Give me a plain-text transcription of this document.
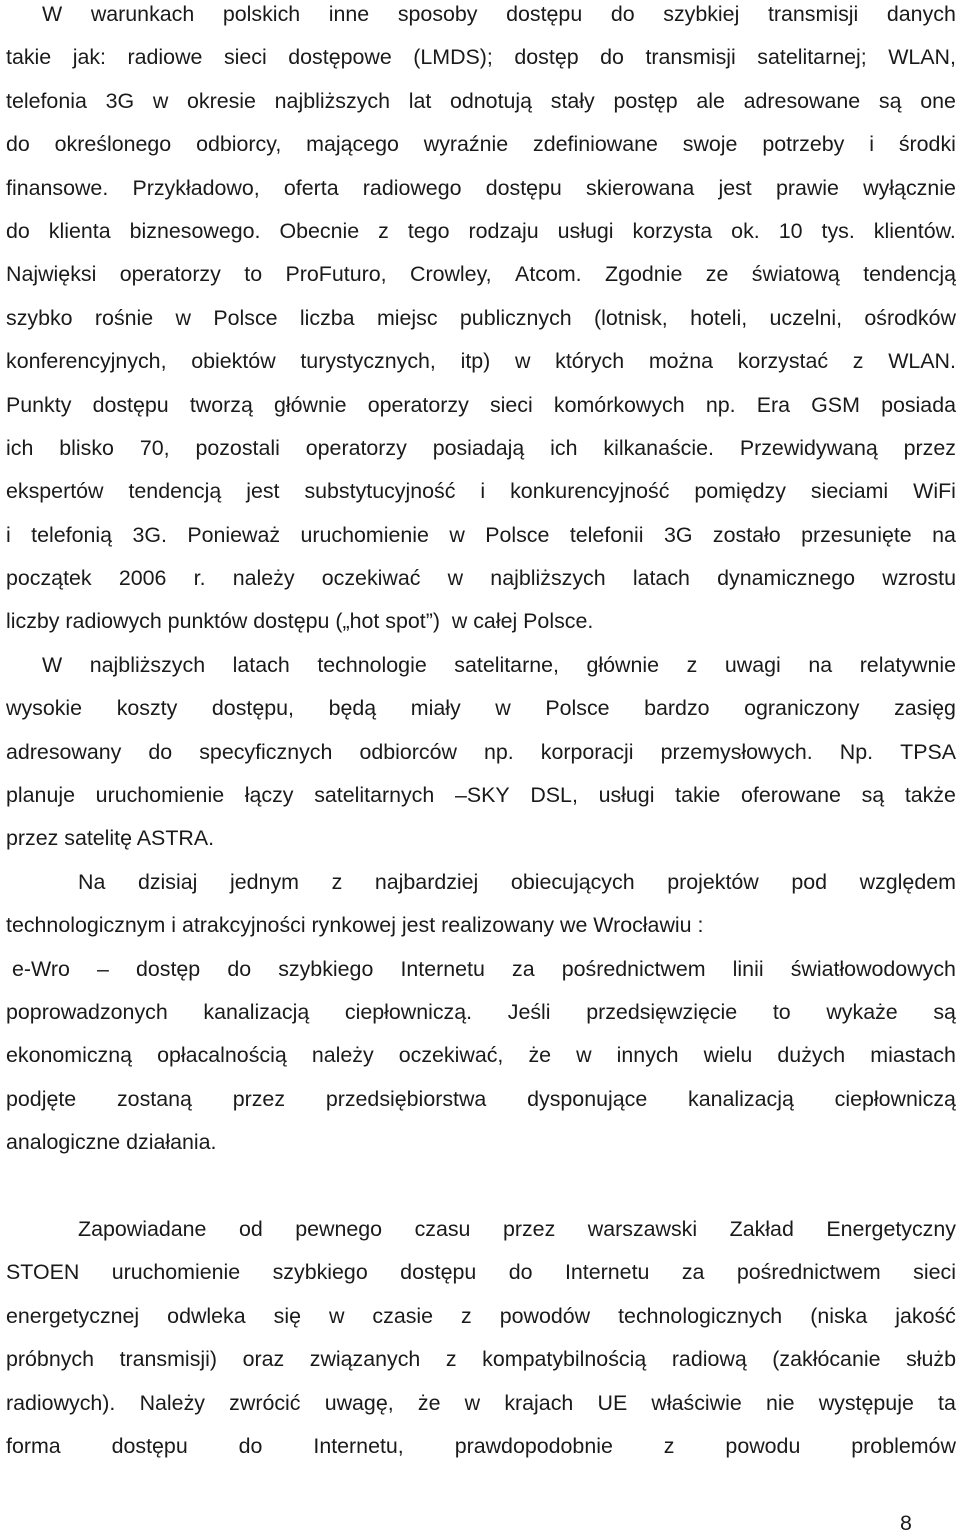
W warunkach polskich inne sposoby dostępu do szybkiej transmisji danych
takie jak: radiowe sieci dostępowe (LMDS); dostęp do transmisji satelitarnej; WLAN,
telefonia 3G w okresie najbliższych lat odnotują stały postęp ale adresowane są one
do określonego odbiorcy, mającego wyraźnie zdefiniowane swoje potrzeby i środki
finansowe. Przykładowo, oferta radiowego dostępu skierowana jest prawie wyłącznie
do klienta biznesowego. Obecnie z tego rodzaju usługi korzysta ok. 10 tys. klientów.
Najwięksi operatorzy to ProFuturo, Crowley, Atcom. Zgodnie ze światową tendencją
szybko rośnie w Polsce liczba miejsc publicznych (lotnisk, hoteli, uczelni, ośrodków
konferencyjnych, obiektów turystycznych, itp) w których można korzystać z WLAN.
Punkty dostępu tworzą głównie operatorzy sieci komórkowych np. Era GSM posiada
ich blisko 70, pozostali operatorzy posiadają ich kilkanaście. Przewidywaną przez
ekspertów tendencją jest substytucyjność i konkurencyjność pomiędzy sieciami WiFi
i telefonią 3G. Ponieważ uruchomienie w Polsce telefonii 3G zostało przesunięte na
początek 2006 r. należy oczekiwać w najbliższych latach dynamicznego wzrostu
liczby radiowych punktów dostępu („hot spot”)  w całej Polsce.
W najbliższych latach technologie satelitarne, głównie z uwagi na relatywnie
wysokie koszty dostępu, będą miały w Polsce bardzo ograniczony zasięg
adresowany do specyficznych odbiorców np. korporacji przemysłowych. Np. TPSA
planuje uruchomienie łączy satelitarnych –SKY DSL, usługi takie oferowane są także
przez satelitę ASTRA.
Na dzisiaj jednym z najbardziej obiecujących projektów pod względem
technologicznym i atrakcyjności rynkowej jest realizowany we Wrocławiu :
e-Wro – dostęp do szybkiego Internetu za pośrednictwem linii światłowodowych
poprowadzonych kanalizacją ciepłowniczą. Jeśli przedsięwzięcie to wykaże są
ekonomiczną opłacalnością należy oczekiwać, że w innych wielu dużych miastach
podjęte zostaną przez przedsiębiorstwa dysponujące kanalizacją ciepłowniczą
analogiczne działania.
Zapowiadane od pewnego czasu przez warszawski Zakład Energetyczny
STOEN uruchomienie szybkiego dostępu do Internetu za pośrednictwem sieci
energetycznej odwleka się w czasie z powodów technologicznych (niska jakość
próbnych transmisji) oraz związanych z kompatybilnością radiową (zakłócanie służb
radiowych). Należy zwrócić uwagę, że w krajach UE właściwie nie występuje ta
forma dostępu do Internetu, prawdopodobnie z powodu problemów
8
